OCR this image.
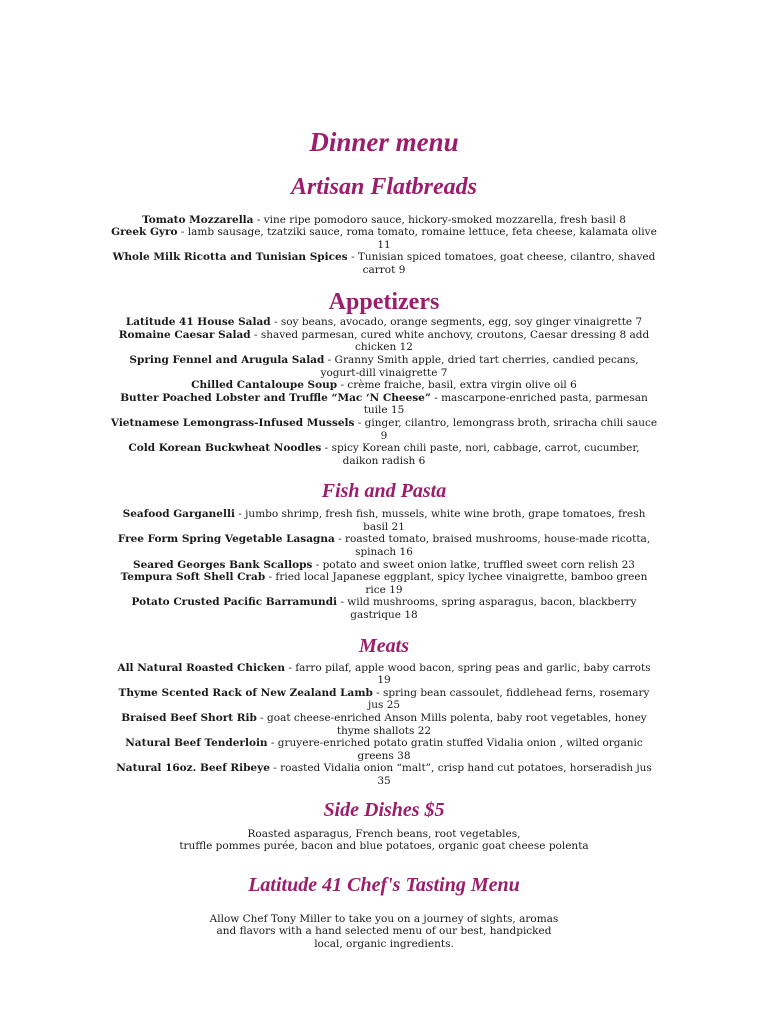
Dinner menu
Artisan Flatbreads

Tomato Mozzarella - vine ripe pomodoro sauce, hickory-smoked mozzarella, fresh basil 8

Greek Gyro - lamb sausage, tzatziki sauce, roma tomato, romaine lettuce, feta cheese, kalamata olive 11

Whole Milk Ricotta and Tunisian Spices - Tunisian spiced tomatoes, goat cheese, cilantro, shaved carrot 9

Appetizers

Latitude 41 House Salad - soy beans, avocado, orange segments, egg, soy ginger vinaigrette 7

Romaine Caesar Salad - shaved parmesan, cured white anchovy, croutons, Caesar dressing 8 add chicken 12

Spring Fennel and Arugula Salad - Granny Smith apple, dried tart cherries, candied pecans, yogurt-dill vinaigrette 7

Chilled Cantaloupe Soup - crème fraiche, basil, extra virgin olive oil 6

Butter Poached Lobster and Truffle “Mac ‘N Cheese” - mascarpone-enriched pasta, parmesan tuile 15

Vietnamese Lemongrass-Infused Mussels - ginger, cilantro, lemongrass broth, sriracha chili sauce 9

Cold Korean Buckwheat Noodles - spicy Korean chili paste, nori, cabbage, carrot, cucumber, daikon radish 6

Fish and Pasta

Seafood Garganelli - jumbo shrimp, fresh fish, mussels, white wine broth, grape tomatoes, fresh basil 21

Free Form Spring Vegetable Lasagna - roasted tomato, braised mushrooms, house-made ricotta, spinach 16

Seared Georges Bank Scallops - potato and sweet onion latke, truffled sweet corn relish 23

Tempura Soft Shell Crab - fried local Japanese eggplant, spicy lychee vinaigrette, bamboo green rice 19

Potato Crusted Pacific Barramundi - wild mushrooms, spring asparagus, bacon, blackberry gastrique 18

Meats

All Natural Roasted Chicken - farro pilaf, apple wood bacon, spring peas and garlic, baby carrots 19

Thyme Scented Rack of New Zealand Lamb - spring bean cassoulet, fiddlehead ferns, rosemary jus 25

Braised Beef Short Rib - goat cheese-enriched Anson Mills polenta, baby root vegetables, honey thyme shallots 22

Natural Beef Tenderloin - gruyere-enriched potato gratin stuffed Vidalia onion , wilted organic greens 38

Natural 16oz. Beef Ribeye - roasted Vidalia onion “malt”, crisp hand cut potatoes, horseradish jus 35

Side Dishes $5

Roasted asparagus, French beans, root vegetables,

truffle pommes purée, bacon and blue potatoes, organic goat cheese polenta

Latitude 41 Chef's Tasting Menu

Allow Chef Tony Miller to take you on a journey of sights, aromas and flavors with a hand selected menu of our best, handpicked local, organic ingredients.
